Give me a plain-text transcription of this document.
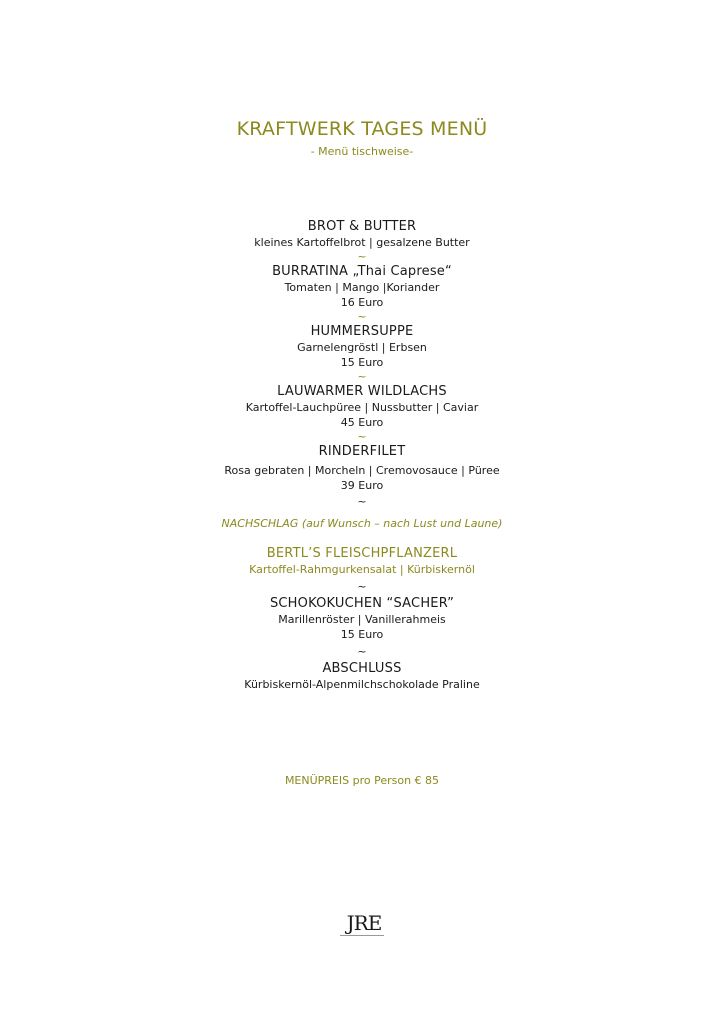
KRAFTWERK TAGES MENÜ
- Menü tischweise-
BROT & BUTTER
kleines Kartoffelbrot | gesalzene Butter
~
BURRATINA „Thai Caprese“
Tomaten | Mango |Koriander
16 Euro
~
HUMMERSUPPE
Garnelengröstl | Erbsen
15 Euro
~
LAUWARMER WILDLACHS
Kartoffel-Lauchpüree | Nussbutter | Caviar
45 Euro
~
RINDERFILET
Rosa gebraten | Morcheln | Cremovosauce | Püree
39 Euro
~
NACHSCHLAG (auf Wunsch – nach Lust und Laune)
BERTL’S FLEISCHPFLANZERL
Kartoffel-Rahmgurkensalat | Kürbiskernöl
~
SCHOKOKUCHEN “SACHER”
Marillenröster | Vanillerahmeis
15 Euro
~
ABSCHLUSS
Kürbiskernöl-Alpenmilchschokolade Praline
MENÜPREIS pro Person € 85
JRE
